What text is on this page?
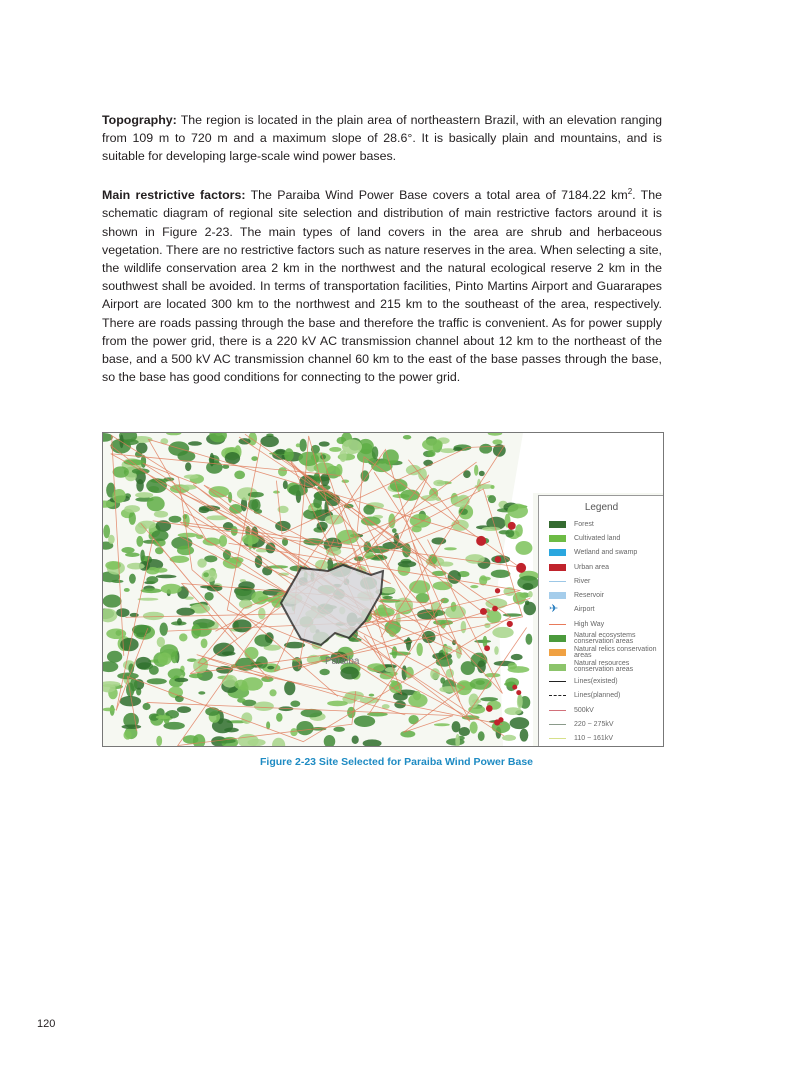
Topography: The region is located in the plain area of northeastern Brazil, with an elevation ranging from 109 m to 720 m and a maximum slope of 28.6°. It is basically plain and mountains, and is suitable for developing large-scale wind power bases.
Main restrictive factors: The Paraiba Wind Power Base covers a total area of 7184.22 $km^2$. The schematic diagram of regional site selection and distribution of main restrictive factors around it is shown in Figure 2-23. The main types of land covers in the area are shrub and herbaceous vegetation. There are no restrictive factors such as nature reserves in the area. When selecting a site, the wildlife conservation area 2 km in the northwest and the natural ecological reserve 2 km in the southwest shall be avoided. In terms of transportation facilities, Pinto Martins Airport and Guararapes Airport are located 300 km to the northwest and 215 km to the southeast of the area, respectively. There are roads passing through the base and therefore the traffic is convenient. As for power supply from the power grid, there is a 220 kV AC transmission channel about 12 km to the northeast of the base, and a 500 kV AC transmission channel 60 km to the east of the base passes through the base, so the base has good conditions for connecting to the power grid.
Paraiba
Legend
Forest
Cultivated land
Wetland and swamp
Urban area
River
Reservoir
✈	Airport
High Way
Natural ecosystems conservation areas
Natural relics conservation areas
Natural resources conservation areas
Lines(existed)
Lines(planned)
500kV
220 ~ 275kV
110 ~ 161kV
Figure 2-23 Site Selected for Paraiba Wind Power Base
120
